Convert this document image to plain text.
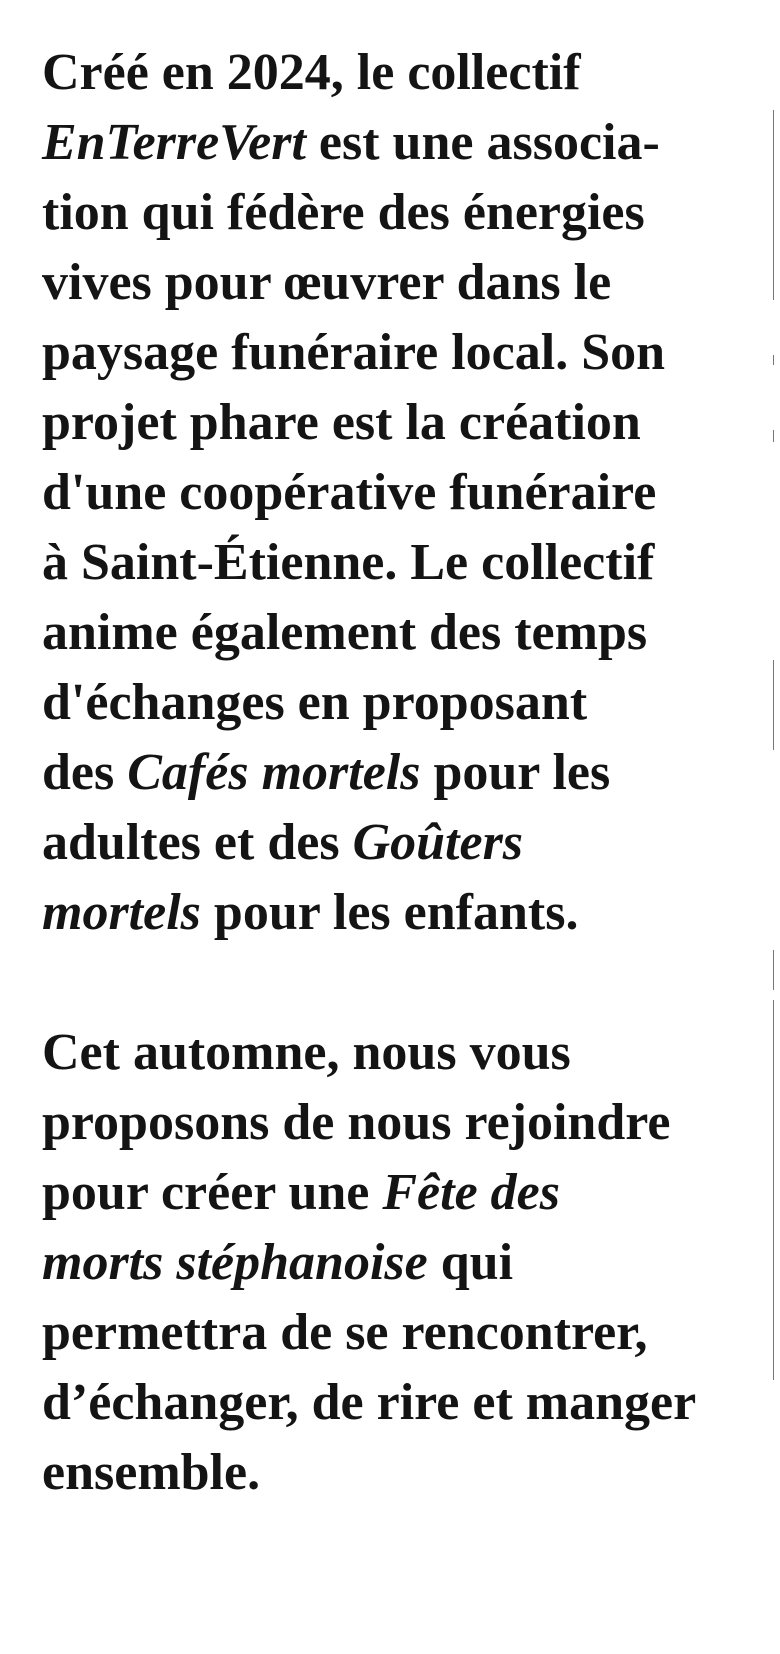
Créé en 2024, le collectif
EnTerreVert est une associa-
tion qui fédère des énergies
vives pour œuvrer dans le
paysage funéraire local. Son
projet phare est la création
d'une coopérative funéraire
à Saint-Étienne. Le collectif
anime également des temps
d'échanges en proposant
des Cafés mortels pour les
adultes et des Goûters
mortels pour les enfants.
Cet automne, nous vous
proposons de nous rejoindre
pour créer une Fête des
morts stéphanoise qui
permettra de se rencontrer,
d’échanger, de rire et manger
ensemble.
